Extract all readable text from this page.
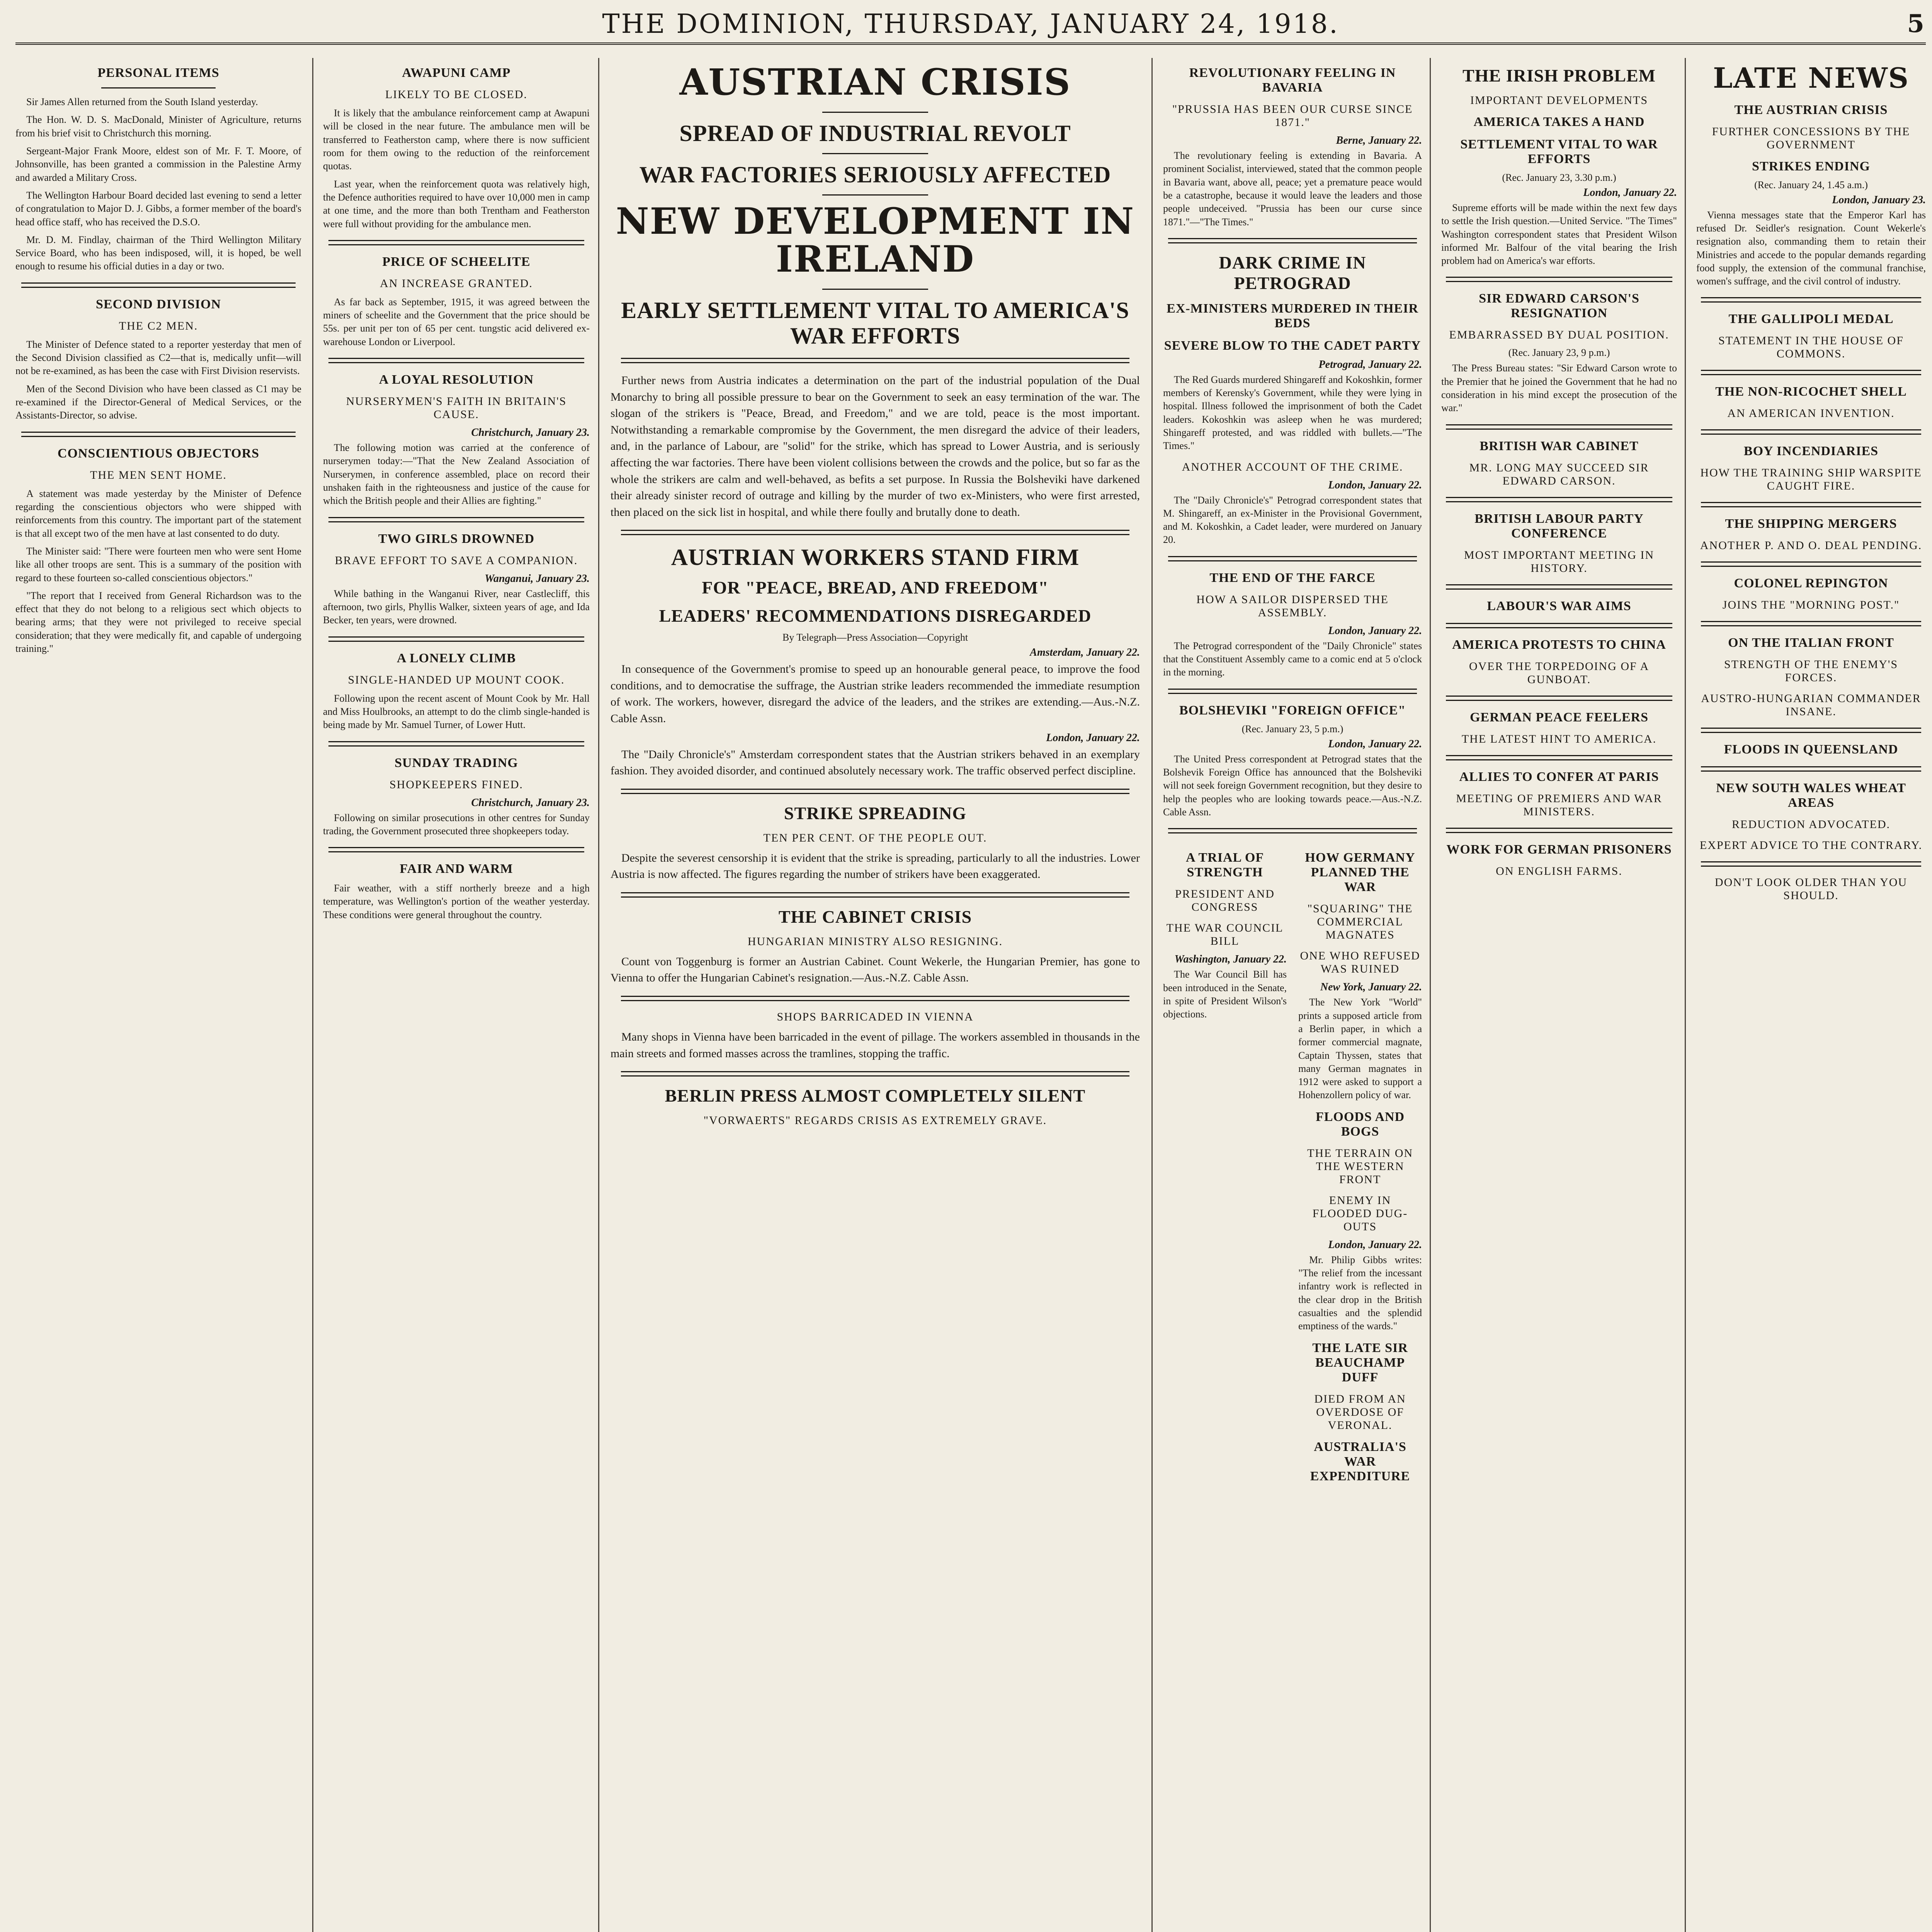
THE DOMINION, THURSDAY, JANUARY 24, 1918.	5
PERSONAL ITEMS

Sir James Allen returned from the South Island yesterday.

The Hon. W. D. S. MacDonald, Minister of Agriculture, returns from his brief visit to Christchurch this morning.

Sergeant-Major Frank Moore, eldest son of Mr. F. T. Moore, of Johnsonville, has been granted a commission in the Palestine Army and awarded a Military Cross.

The Wellington Harbour Board decided last evening to send a letter of congratulation to Major D. J. Gibbs, a former member of the board's head office staff, who has received the D.S.O.

Mr. D. M. Findlay, chairman of the Third Wellington Military Service Board, who has been indisposed, will, it is hoped, be well enough to resume his official duties in a day or two.

SECOND DIVISION
THE C2 MEN.

The Minister of Defence stated to a reporter yesterday that men of the Second Division classified as C2—that is, medically unfit—will not be re-examined, as has been the case with First Division reservists.

Men of the Second Division who have been classed as C1 may be re-examined if the Director-General of Medical Services, or the Assistants-Director, so advise.

CONSCIENTIOUS OBJECTORS
THE MEN SENT HOME.

A statement was made yesterday by the Minister of Defence regarding the conscientious objectors who were shipped with reinforcements from this country. The important part of the statement is that all except two of the men have at last consented to do duty.

The Minister said: "There were fourteen men who were sent Home like all other troops are sent. This is a summary of the position with regard to these fourteen so-called conscientious objectors."

"The report that I received from General Richardson was to the effect that they do not belong to a religious sect which objects to bearing arms; that they were not privileged to receive special consideration; that they were medically fit, and capable of undergoing training."

AWAPUNI CAMP
LIKELY TO BE CLOSED.

It is likely that the ambulance reinforcement camp at Awapuni will be closed in the near future. The ambulance men will be transferred to Featherston camp, where there is now sufficient room for them owing to the reduction of the reinforcement quotas.

Last year, when the reinforcement quota was relatively high, the Defence authorities required to have over 10,000 men in camp at one time, and the more than both Trentham and Featherston were full without providing for the ambulance men.

PRICE OF SCHEELITE
AN INCREASE GRANTED.

As far back as September, 1915, it was agreed between the miners of scheelite and the Government that the price should be 55s. per unit per ton of 65 per cent. tungstic acid delivered ex-warehouse London or Liverpool.

A LOYAL RESOLUTION
NURSERYMEN'S FAITH IN BRITAIN'S CAUSE.
Christchurch, January 23.

The following motion was carried at the conference of nurserymen today:—"That the New Zealand Association of Nurserymen, in conference assembled, place on record their unshaken faith in the righteousness and justice of the cause for which the British people and their Allies are fighting."

TWO GIRLS DROWNED
BRAVE EFFORT TO SAVE A COMPANION.
Wanganui, January 23.

While bathing in the Wanganui River, near Castlecliff, this afternoon, two girls, Phyllis Walker, sixteen years of age, and Ida Becker, ten years, were drowned.

A LONELY CLIMB
SINGLE-HANDED UP MOUNT COOK.

Following upon the recent ascent of Mount Cook by Mr. Hall and Miss Houlbrooks, an attempt to do the climb single-handed is being made by Mr. Samuel Turner, of Lower Hutt.

SUNDAY TRADING
SHOPKEEPERS FINED.
Christchurch, January 23.

Following on similar prosecutions in other centres for Sunday trading, the Government prosecuted three shopkeepers today.

FAIR AND WARM

Fair weather, with a stiff northerly breeze and a high temperature, was Wellington's portion of the weather yesterday. These conditions were general throughout the country.

AUSTRIAN CRISIS
SPREAD OF INDUSTRIAL REVOLT
WAR FACTORIES SERIOUSLY AFFECTED
NEW DEVELOPMENT IN IRELAND
EARLY SETTLEMENT VITAL TO AMERICA'S WAR EFFORTS

Further news from Austria indicates a determination on the part of the industrial population of the Dual Monarchy to bring all possible pressure to bear on the Government to seek an easy termination of the war. The slogan of the strikers is "Peace, Bread, and Freedom," and we are told, peace is the most important. Notwithstanding a remarkable compromise by the Government, the men disregard the advice of their leaders, and, in the parlance of Labour, are "solid" for the strike, which has spread to Lower Austria, and is seriously affecting the war factories. There have been violent collisions between the crowds and the police, but so far as the whole the strikers are calm and well-behaved, as befits a set purpose. In Russia the Bolsheviki have darkened their already sinister record of outrage and killing by the murder of two ex-Ministers, who were first arrested, then placed on the sick list in hospital, and while there foully and brutally done to death.

AUSTRIAN WORKERS STAND FIRM
FOR "PEACE, BREAD, AND FREEDOM"
LEADERS' RECOMMENDATIONS DISREGARDED
By Telegraph—Press Association—Copyright
Amsterdam, January 22.

In consequence of the Government's promise to speed up an honourable general peace, to improve the food conditions, and to democratise the suffrage, the Austrian strike leaders recommended the immediate resumption of work. The workers, however, disregard the advice of the leaders, and the strikes are extending.—Aus.-N.Z. Cable Assn.

London, January 22.

The "Daily Chronicle's" Amsterdam correspondent states that the Austrian strikers behaved in an exemplary fashion. They avoided disorder, and continued absolutely necessary work. The traffic observed perfect discipline.

STRIKE SPREADING
TEN PER CENT. OF THE PEOPLE OUT.

Despite the severest censorship it is evident that the strike is spreading, particularly to all the industries. Lower Austria is now affected. The figures regarding the number of strikers have been exaggerated.

THE CABINET CRISIS
HUNGARIAN MINISTRY ALSO RESIGNING.

Count von Toggenburg is former an Austrian Cabinet. Count Wekerle, the Hungarian Premier, has gone to Vienna to offer the Hungarian Cabinet's resignation.—Aus.-N.Z. Cable Assn.

SHOPS BARRICADED IN VIENNA

Many shops in Vienna have been barricaded in the event of pillage. The workers assembled in thousands in the main streets and formed masses across the tramlines, stopping the traffic.

BERLIN PRESS ALMOST COMPLETELY SILENT
"VORWAERTS" REGARDS CRISIS AS EXTREMELY GRAVE.
REVOLUTIONARY FEELING IN BAVARIA
"PRUSSIA HAS BEEN OUR CURSE SINCE 1871."
Berne, January 22.

The revolutionary feeling is extending in Bavaria. A prominent Socialist, interviewed, stated that the common people in Bavaria want, above all, peace; yet a premature peace would be a catastrophe, because it would leave the leaders and those people undeceived. "Prussia has been our curse since 1871."—"The Times."

DARK CRIME IN PETROGRAD
EX-MINISTERS MURDERED IN THEIR BEDS
SEVERE BLOW TO THE CADET PARTY
Petrograd, January 22.

The Red Guards murdered Shingareff and Kokoshkin, former members of Kerensky's Government, while they were lying in hospital. Illness followed the imprisonment of both the Cadet leaders. Kokoshkin was asleep when he was murdered; Shingareff protested, and was riddled with bullets.—"The Times."

ANOTHER ACCOUNT OF THE CRIME.
London, January 22.

The "Daily Chronicle's" Petrograd correspondent states that M. Shingareff, an ex-Minister in the Provisional Government, and M. Kokoshkin, a Cadet leader, were murdered on January 20.

THE END OF THE FARCE
HOW A SAILOR DISPERSED THE ASSEMBLY.
London, January 22.

The Petrograd correspondent of the "Daily Chronicle" states that the Constituent Assembly came to a comic end at 5 o'clock in the morning.

BOLSHEVIKI "FOREIGN OFFICE"
(Rec. January 23, 5 p.m.)
London, January 22.

The United Press correspondent at Petrograd states that the Bolshevik Foreign Office has announced that the Bolsheviki will not seek foreign Government recognition, but they desire to help the peoples who are looking towards peace.—Aus.-N.Z. Cable Assn.

A TRIAL OF STRENGTH
PRESIDENT AND CONGRESS
THE WAR COUNCIL BILL
Washington, January 22.

The War Council Bill has been introduced in the Senate, in spite of President Wilson's objections.

HOW GERMANY PLANNED THE WAR
"SQUARING" THE COMMERCIAL MAGNATES
ONE WHO REFUSED WAS RUINED
New York, January 22.

The New York "World" prints a supposed article from a Berlin paper, in which a former commercial magnate, Captain Thyssen, states that many German magnates in 1912 were asked to support a Hohenzollern policy of war.

FLOODS AND BOGS
THE TERRAIN ON THE WESTERN FRONT
ENEMY IN FLOODED DUG-OUTS
London, January 22.

Mr. Philip Gibbs writes: "The relief from the incessant infantry work is reflected in the clear drop in the British casualties and the splendid emptiness of the wards."

THE LATE SIR BEAUCHAMP DUFF
DIED FROM AN OVERDOSE OF VERONAL.
AUSTRALIA'S WAR EXPENDITURE
THE IRISH PROBLEM
IMPORTANT DEVELOPMENTS
AMERICA TAKES A HAND
SETTLEMENT VITAL TO WAR EFFORTS
(Rec. January 23, 3.30 p.m.)
London, January 22.

Supreme efforts will be made within the next few days to settle the Irish question.—United Service. "The Times" Washington correspondent states that President Wilson informed Mr. Balfour of the vital bearing the Irish problem had on America's war efforts.

SIR EDWARD CARSON'S RESIGNATION
EMBARRASSED BY DUAL POSITION.
(Rec. January 23, 9 p.m.)

The Press Bureau states: "Sir Edward Carson wrote to the Premier that he joined the Government that he had no consideration in his mind except the prosecution of the war."

BRITISH WAR CABINET
MR. LONG MAY SUCCEED SIR EDWARD CARSON.
BRITISH LABOUR PARTY CONFERENCE
MOST IMPORTANT MEETING IN HISTORY.
LABOUR'S WAR AIMS
AMERICA PROTESTS TO CHINA
OVER THE TORPEDOING OF A GUNBOAT.
GERMAN PEACE FEELERS
THE LATEST HINT TO AMERICA.
ALLIES TO CONFER AT PARIS
MEETING OF PREMIERS AND WAR MINISTERS.
WORK FOR GERMAN PRISONERS
ON ENGLISH FARMS.
LATE NEWS
THE AUSTRIAN CRISIS
FURTHER CONCESSIONS BY THE GOVERNMENT
STRIKES ENDING
(Rec. January 24, 1.45 a.m.)
London, January 23.

Vienna messages state that the Emperor Karl has refused Dr. Seidler's resignation. Count Wekerle's resignation also, commanding them to retain their Ministries and accede to the popular demands regarding food supply, the extension of the communal franchise, women's suffrage, and the civil control of industry.

THE GALLIPOLI MEDAL
STATEMENT IN THE HOUSE OF COMMONS.
THE NON-RICOCHET SHELL
AN AMERICAN INVENTION.
BOY INCENDIARIES
HOW THE TRAINING SHIP WARSPITE CAUGHT FIRE.
THE SHIPPING MERGERS
ANOTHER P. AND O. DEAL PENDING.
COLONEL REPINGTON
JOINS THE "MORNING POST."
ON THE ITALIAN FRONT
STRENGTH OF THE ENEMY'S FORCES.
AUSTRO-HUNGARIAN COMMANDER INSANE.
FLOODS IN QUEENSLAND
NEW SOUTH WALES WHEAT AREAS
REDUCTION ADVOCATED.
EXPERT ADVICE TO THE CONTRARY.
DON'T LOOK OLDER THAN YOU SHOULD.
